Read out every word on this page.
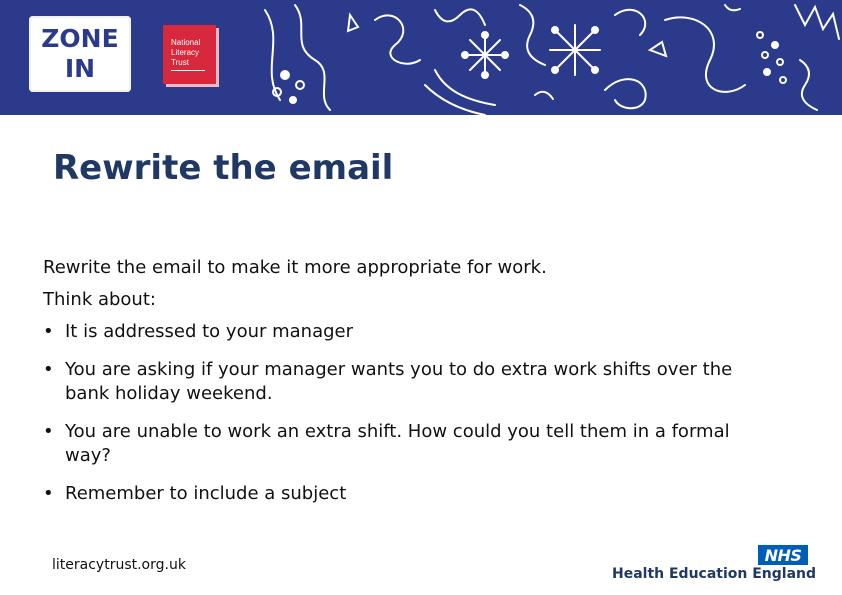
ZONE
IN
National
Literacy
Trust
Rewrite the email

Rewrite the email to make it more appropriate for work.

Think about:

• It is addressed to your manager
• You are asking if your manager wants you to do extra work shifts over the bank holiday weekend.
• You are unable to work an extra shift. How could you tell them in a formal way?
• Remember to include a subject
literacytrust.org.uk
NHS
Health Education England
